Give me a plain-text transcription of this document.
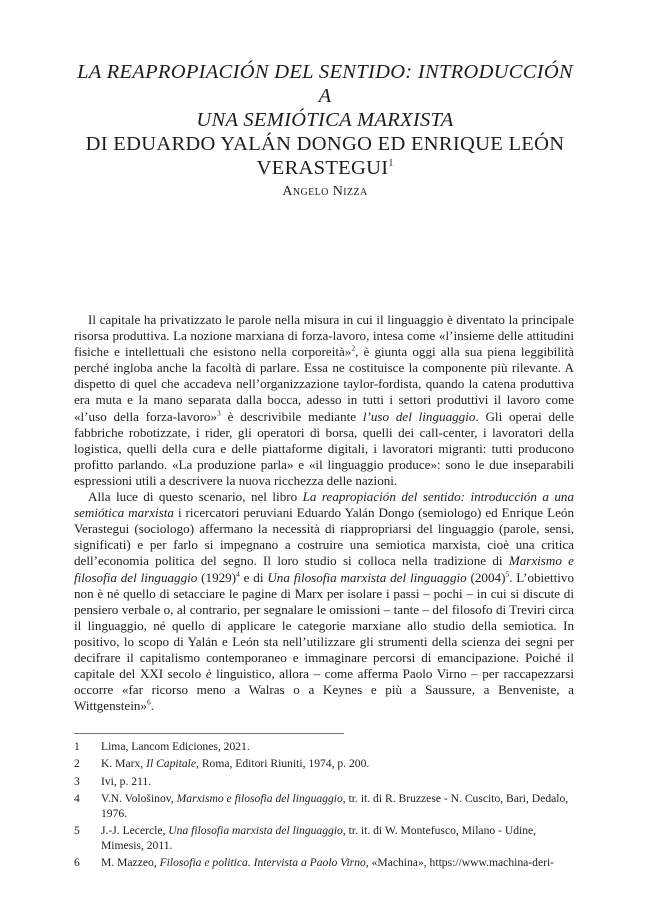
LA REAPROPIACIÓN DEL SENTIDO: INTRODUCCIÓN A
UNA SEMIÓTICA MARXISTA
DI EDUARDO YALÁN DONGO ED ENRIQUE LEÓN
VERASTEGUI$^1$
Angelo Nizza

Il capitale ha privatizzato le parole nella misura in cui il linguaggio è diventato la principale risorsa produttiva. La nozione marxiana di forza-lavoro, intesa come «l’insieme delle attitudini fisiche e intellettuali che esistono nella corporeità»$^2$, è giunta oggi alla sua piena leggibilità perché ingloba anche la facoltà di parlare. Essa ne costituisce la componente più rilevante. A dispetto di quel che accadeva nell’organizzazione taylor-fordista, quando la catena produttiva era muta e la mano separata dalla bocca, adesso in tutti i settori produttivi il lavoro come «l’uso della forza-lavoro»$^3$ è descrivibile mediante l’uso del linguaggio. Gli operai delle fabbriche robotizzate, i rider, gli operatori di borsa, quelli dei call-center, i lavoratori della logistica, quelli della cura e delle piattaforme digitali, i lavoratori migranti: tutti producono profitto parlando. «La produzione parla» e «il linguaggio produce»: sono le due inseparabili espressioni utili a descrivere la nuova ricchezza delle nazioni.

Alla luce di questo scenario, nel libro La reapropiación del sentido: introducción a una semiótica marxista i ricercatori peruviani Eduardo Yalán Dongo (semiologo) ed Enrique León Verastegui (sociologo) affermano la necessità di riappropriarsi del linguaggio (parole, sensi, significati) e per farlo si impegnano a costruire una semiotica marxista, cioè una critica dell’economia politica del segno. Il loro studio si colloca nella tradizione di Marxismo e filosofia del linguaggio $(1929)^4$ e di Una filosofia marxista del linguaggio $(2004)^5$. L’obiettivo non è né quello di setacciare le pagine di Marx per isolare i passi – pochi – in cui si discute di pensiero verbale o, al contrario, per segnalare le omissioni – tante – del filosofo di Treviri circa il linguaggio, né quello di applicare le categorie marxiane allo studio della semiotica. In positivo, lo scopo di Yalán e León sta nell’utilizzare gli strumenti della scienza dei segni per decifrare il capitalismo contemporaneo e immaginare percorsi di emancipazione. Poiché il capitale del XXI secolo è linguistico, allora – come afferma Paolo Virno – per raccapezzarsi occorre «far ricorso meno a Walras o a Keynes e più a Saussure, a Benveniste, a Wittgenstein»$^6$.

1	Lima, Lancom Ediciones, 2021.
2	K. Marx, Il Capitale, Roma, Editori Riuniti, 1974, p. 200.
3	Ivi, p. 211.
4	V.N. Vološinov, Marxismo e filosofia del linguaggio, tr. it. di R. Bruzzese - N. Cuscito, Bari, Dedalo, 1976.
5	J.-J. Lecercle, Una filosofia marxista del linguaggio, tr. it. di W. Montefusco, Milano - Udine, Mimesis, 2011.
6	M. Mazzeo, Filosofia e politica. Intervista a Paolo Virno, «Machina», https://www.machina-deri-
